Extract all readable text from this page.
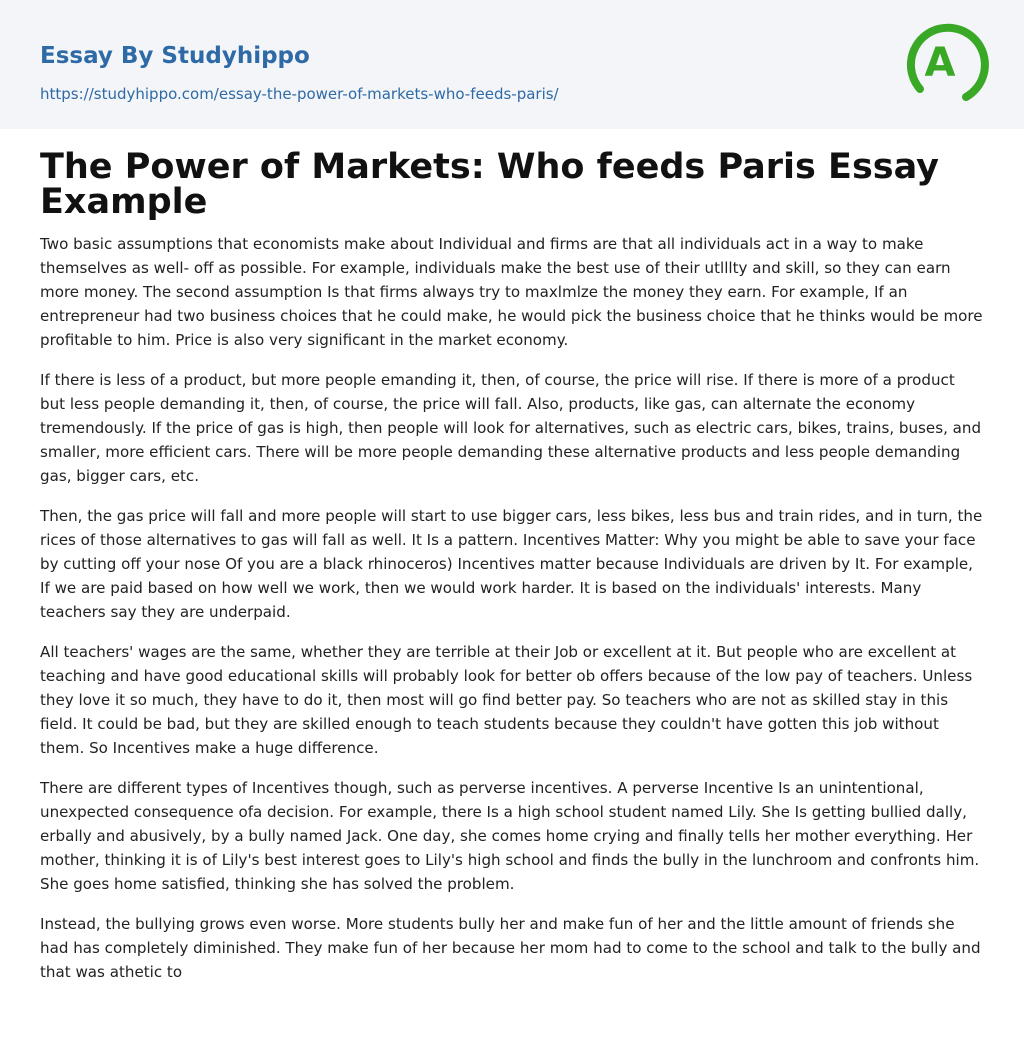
Essay By Studyhippo
https://studyhippo.com/essay-the-power-of-markets-who-feeds-paris/
A
The Power of Markets: Who feeds Paris Essay Example

Two basic assumptions that economists make about Individual and firms are that all individuals act in a way to make themselves as well- off as possible. For example, individuals make the best use of their utlllty and skill, so they can earn more money. The second assumption Is that firms always try to maxlmlze the money they earn. For example, If an entrepreneur had two business choices that he could make, he would pick the business choice that he thinks would be more profitable to him. Price is also very significant in the market economy.

If there is less of a product, but more people emanding it, then, of course, the price will rise. If there is more of a product but less people demanding it, then, of course, the price will fall. Also, products, like gas, can alternate the economy tremendously. If the price of gas is high, then people will look for alternatives, such as electric cars, bikes, trains, buses, and smaller, more efficient cars. There will be more people demanding these alternative products and less people demanding gas, bigger cars, etc.

Then, the gas price will fall and more people will start to use bigger cars, less bikes, less bus and train rides, and in turn, the rices of those alternatives to gas will fall as well. It Is a pattern. Incentives Matter: Why you might be able to save your face by cutting off your nose Of you are a black rhinoceros) Incentives matter because Individuals are driven by It. For example, If we are paid based on how well we work, then we would work harder. It is based on the individuals' interests. Many teachers say they are underpaid.

All teachers' wages are the same, whether they are terrible at their Job or excellent at it. But people who are excellent at teaching and have good educational skills will probably look for better ob offers because of the low pay of teachers. Unless they love it so much, they have to do it, then most will go find better pay. So teachers who are not as skilled stay in this field. It could be bad, but they are skilled enough to teach students because they couldn't have gotten this job without them. So Incentives make a huge difference.

There are different types of Incentives though, such as perverse incentives. A perverse Incentive Is an unintentional, unexpected consequence ofa decision. For example, there Is a high school student named Lily. She Is getting bullied dally, erbally and abusively, by a bully named Jack. One day, she comes home crying and finally tells her mother everything. Her mother, thinking it is of Lily's best interest goes to Lily's high school and finds the bully in the lunchroom and confronts him. She goes home satisfied, thinking she has solved the problem.

Instead, the bullying grows even worse. More students bully her and make fun of her and the little amount of friends she had has completely diminished. They make fun of her because her mom had to come to the school and talk to the bully and that was athetic to
